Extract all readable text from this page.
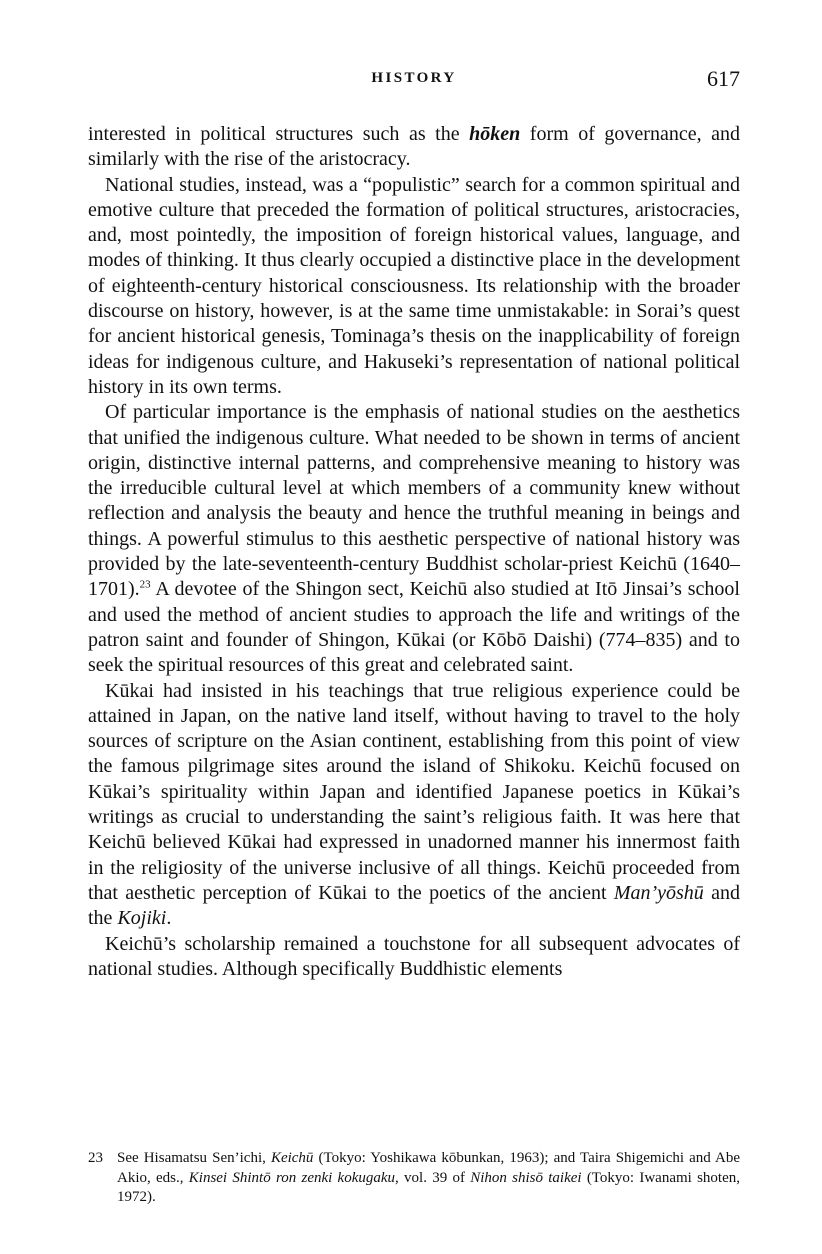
HISTORY	617

interested in political structures such as the hōken form of governance, and similarly with the rise of the aristocracy.

National studies, instead, was a “populistic” search for a common spiritual and emotive culture that preceded the formation of political structures, aristocracies, and, most pointedly, the imposition of foreign historical values, language, and modes of thinking. It thus clearly occupied a distinctive place in the development of eighteenth-century historical consciousness. Its relationship with the broader discourse on history, however, is at the same time unmistakable: in Sorai’s quest for ancient historical genesis, Tominaga’s thesis on the inapplicability of foreign ideas for indigenous culture, and Hakuseki’s representation of national political history in its own terms.

Of particular importance is the emphasis of national studies on the aesthetics that unified the indigenous culture. What needed to be shown in terms of ancient origin, distinctive internal patterns, and comprehensive meaning to history was the irreducible cultural level at which members of a community knew without reflection and analysis the beauty and hence the truthful meaning in beings and things. A powerful stimulus to this aesthetic perspective of national history was provided by the late-seventeenth-century Buddhist scholar-priest Keichū (1640–1701).$^{23}$ A devotee of the Shingon sect, Keichū also studied at Itō Jinsai’s school and used the method of ancient studies to approach the life and writings of the patron saint and founder of Shingon, Kūkai (or Kōbō Daishi) (774–835) and to seek the spiritual resources of this great and celebrated saint.

Kūkai had insisted in his teachings that true religious experience could be attained in Japan, on the native land itself, without having to travel to the holy sources of scripture on the Asian continent, establishing from this point of view the famous pilgrimage sites around the island of Shikoku. Keichū focused on Kūkai’s spirituality within Japan and identified Japanese poetics in Kūkai’s writings as crucial to understanding the saint’s religious faith. It was here that Keichū believed Kūkai had expressed in unadorned manner his innermost faith in the religiosity of the universe inclusive of all things. Keichū proceeded from that aesthetic perception of Kūkai to the poetics of the ancient Man’yōshū and the Kojiki.

Keichū’s scholarship remained a touchstone for all subsequent advocates of national studies. Although specifically Buddhistic elements

23 See Hisamatsu Sen’ichi, Keichū (Tokyo: Yoshikawa kōbunkan, 1963); and Taira Shigemichi and Abe Akio, eds., Kinsei Shintō ron zenki kokugaku, vol. 39 of Nihon shisō taikei (Tokyo: Iwanami shoten, 1972).
